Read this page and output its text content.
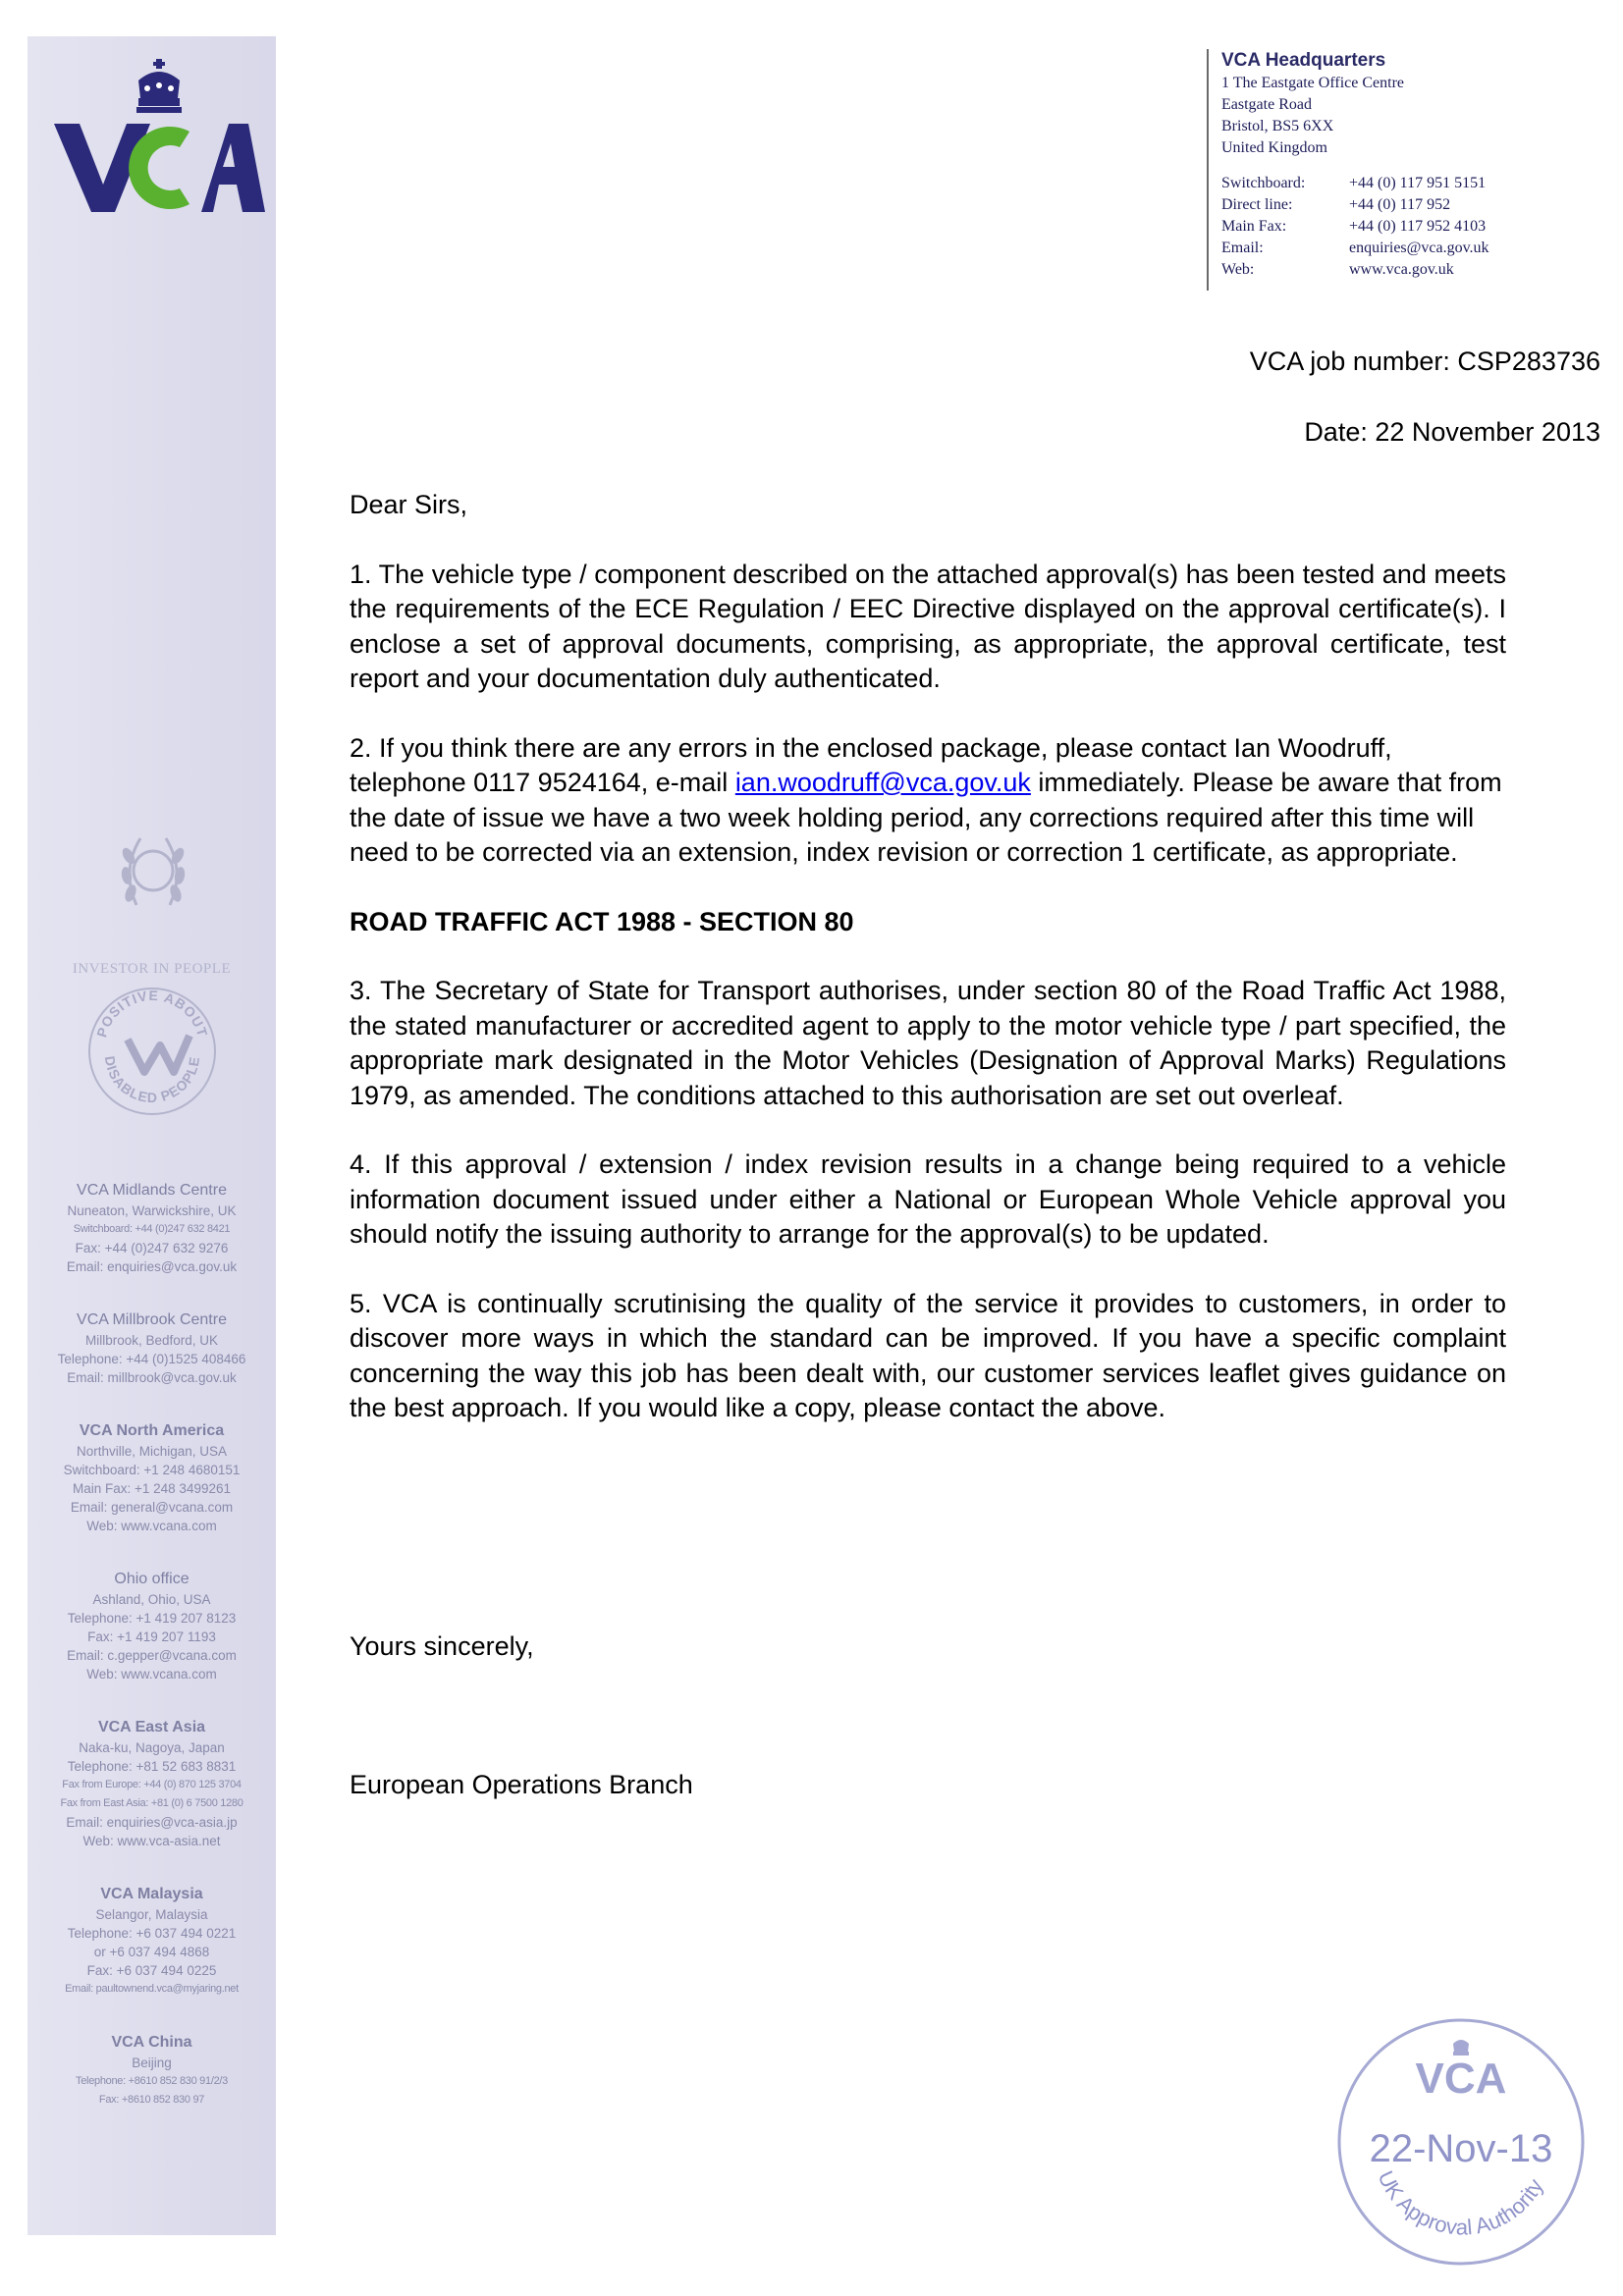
INVESTOR IN PEOPLE
POSITIVE ABOUT
DISABLED PEOPLE
VCA Midlands Centre
Nuneaton, Warwickshire, UK
Switchboard: +44 (0)247 632 8421
Fax: +44 (0)247 632 9276
Email: enquiries@vca.gov.uk
VCA Millbrook Centre
Millbrook, Bedford, UK
Telephone: +44 (0)1525 408466
Email: millbrook@vca.gov.uk
VCA North America
Northville, Michigan, USA
Switchboard: +1 248 4680151
Main Fax: +1 248 3499261
Email: general@vcana.com
Web: www.vcana.com
Ohio office
Ashland, Ohio, USA
Telephone: +1 419 207 8123
Fax: +1 419 207 1193
Email: c.gepper@vcana.com
Web: www.vcana.com
VCA East Asia
Naka-ku, Nagoya, Japan
Telephone: +81 52 683 8831
Fax from Europe: +44 (0) 870 125 3704
Fax from East Asia: +81 (0) 6 7500 1280
Email: enquiries@vca-asia.jp
Web: www.vca-asia.net
VCA Malaysia
Selangor, Malaysia
Telephone: +6 037 494 0221
or +6 037 494 4868
Fax: +6 037 494 0225
Email: paultownend.vca@myjaring.net
VCA China
Beijing
Telephone: +8610 852 830 91/2/3
Fax: +8610 852 830 97
VCA Headquarters
1 The Eastgate Office Centre
Eastgate Road
Bristol, BS5 6XX
United Kingdom
Switchboard:	+44 (0) 117 951 5151
Direct line:	+44 (0) 117 952
Main Fax:	+44 (0) 117 952 4103
Email:	enquiries@vca.gov.uk
Web:	www.vca.gov.uk
VCA job number: CSP283736
Date: 22 November 2013

Dear Sirs,

1. The vehicle type / component described on the attached approval(s) has been tested and meets the requirements of the ECE Regulation / EEC Directive displayed on the approval certificate(s). I enclose a set of approval documents, comprising, as appropriate, the approval certificate, test report and your documentation duly authenticated.

2. If you think there are any errors in the enclosed package, please contact Ian Woodruff, telephone 0117 9524164, e-mail ian.woodruff@vca.gov.uk immediately. Please be aware that from the date of issue we have a two week holding period, any corrections required after this time will need to be corrected via an extension, index revision or correction 1 certificate, as appropriate.

ROAD TRAFFIC ACT 1988 - SECTION 80

3. The Secretary of State for Transport authorises, under section 80 of the Road Traffic Act 1988, the stated manufacturer or accredited agent to apply to the motor vehicle type / part specified, the appropriate mark designated in the Motor Vehicles (Designation of Approval Marks) Regulations 1979, as amended. The conditions attached to this authorisation are set out overleaf.

4. If this approval / extension / index revision results in a change being required to a vehicle information document issued under either a National or European Whole Vehicle approval you should notify the issuing authority to arrange for the approval(s) to be updated.

5. VCA is continually scrutinising the quality of the service it provides to customers, in order to discover more ways in which the standard can be improved. If you have a specific complaint concerning the way this job has been dealt with, our customer services leaflet gives guidance on the best approach. If you would like a copy, please contact the above.

Yours sincerely,
European Operations Branch
VCA
22-Nov-13
UK Approval Authority
